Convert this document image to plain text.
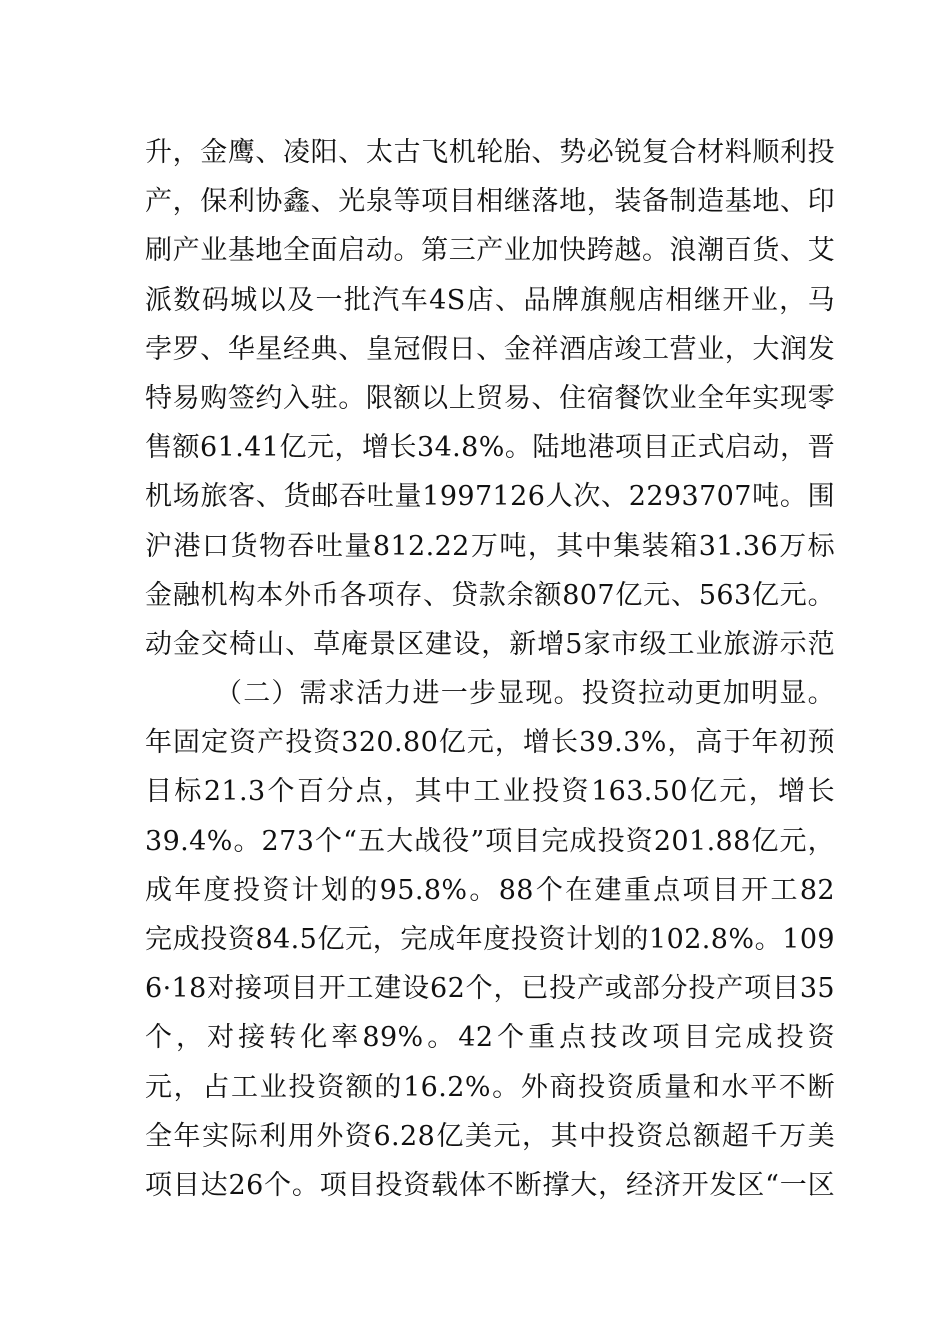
升，金鹰、凌阳、太古飞机轮胎、势必锐复合材料顺利投
产，保利协鑫、光泉等项目相继落地，装备制造基地、印
刷产业基地全面启动。第三产业加快跨越。浪潮百货、艾
派数码城以及一批汽车4S店、品牌旗舰店相继开业，马
孛罗、华星经典、皇冠假日、金祥酒店竣工营业，大润发
特易购签约入驻。限额以上贸易、住宿餐饮业全年实现零
售额61.41亿元，增长34.8%。陆地港项目正式启动，晋
机场旅客、货邮吞吐量1997126人次、229370​7吨。围
沪港口货物吞吐量812.22万吨，其中集装箱31.36万标
金融机构本外币各项存、贷款余额807亿元、563亿元。
动金交椅山、草庵景区建设，新增5家市级工业旅游示范
（二）需求活力进一步显现。投资拉动更加明显。
年固定资产投资320.80亿元，增长39.3%，高于年初预
目标21.3个百分点，其中工业投资163.50亿元，增长
39.4%。273个“五大战役”项目完成投资201.88亿元，
成年度投资计划的95.8%。88个在建重点项目开工82
完成投资84.5亿元，完成年度投资计划的102.8%。109
6·18对接项目开工建设62个，已投产或部分投产项目35
个，对接转化率89%。42个重点技改项目完成投资
元，占工业投资额的16.2%。外商投资质量和水平不断
全年实际利用外资6.28亿美元，其中投资总额超千万美
项目达26个。项目投资载体不断撑大，经济开发区“一区
